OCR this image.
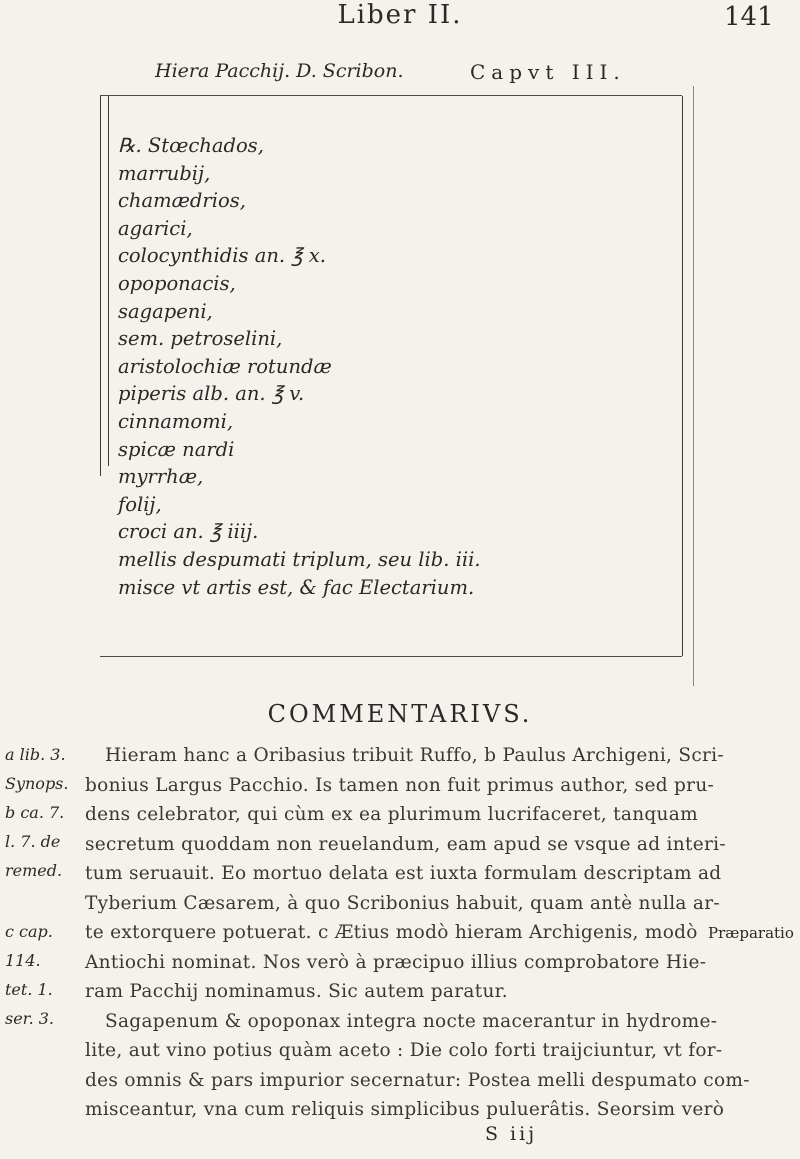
Liber II.	141
Hiera Pacchij. D. Scribon.	Capvt III.
℞. Stœchados,
marrubij,
chamædrios,
agarici,
colocynthidis an. ℥ x.
opoponacis,
sagapeni,
sem. petroselini,
aristolochiæ rotundæ
piperis alb. an. ℥ v.
cinnamomi,
spicæ nardi
myrrhæ,
folij,
croci an. ℥ iiij.
mellis despumati triplum, seu lib. iii.
misce vt artis est, & fac Electarium.
COMMENTARIVS.
a lib. 3.
Synops.
b ca. 7.
l. 7. de
remed.
c cap.
114.
tet. 1.
ser. 3.
Præparatio
Hieram hanc a Oribasius tribuit Ruffo, b Paulus Archigeni, Scri-
bonius Largus Pacchio. Is tamen non fuit primus author, sed pru-
dens celebrator, qui cùm ex ea plurimum lucrifaceret, tanquam
secretum quoddam non reuelandum, eam apud se vsque ad interi-
tum seruauit. Eo mortuo delata est iuxta formulam descriptam ad
Tyberium Cæsarem, à quo Scribonius habuit, quam antè nulla ar-
te extorquere potuerat. c Ætius modò hieram Archigenis, modò
Antiochi nominat. Nos verò à præcipuo illius comprobatore Hie-
ram Pacchij nominamus. Sic autem paratur.
Sagapenum & opoponax integra nocte macerantur in hydrome-
lite, aut vino potius quàm aceto : Die colo forti traijciuntur, vt for-
des omnis & pars impurior secernatur: Postea melli despumato com-
misceantur, vna cum reliquis simplicibus puluerâtis. Seorsim verò
S iij
